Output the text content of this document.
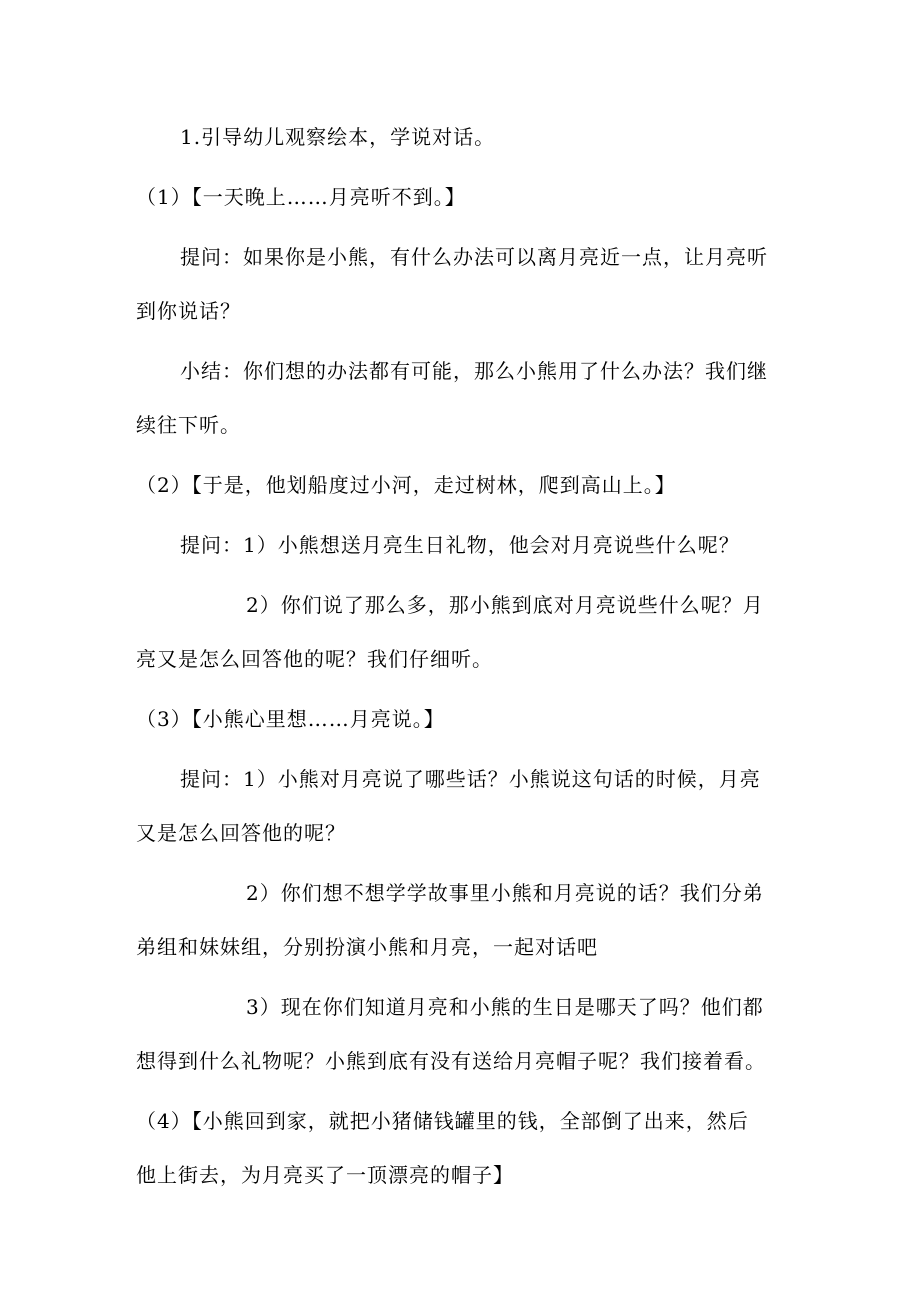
1.引导幼儿观察绘本，学说对话。
（1）【一天晚上……月亮听不到。】
提问：如果你是小熊，有什么办法可以离月亮近一点，让月亮听
到你说话？
小结：你们想的办法都有可能，那么小熊用了什么办法？我们继
续往下听。
（2）【于是，他划船度过小河，走过树林，爬到高山上。】
提问：1）小熊想送月亮生日礼物，他会对月亮说些什么呢？
2）你们说了那么多，那小熊到底对月亮说些什么呢？月
亮又是怎么回答他的呢？我们仔细听。
（3）【小熊心里想……月亮说。】
提问：1）小熊对月亮说了哪些话？小熊说这句话的时候，月亮
又是怎么回答他的呢？
2）你们想不想学学故事里小熊和月亮说的话？我们分弟
弟组和妹妹组，分别扮演小熊和月亮，一起对话吧
3）现在你们知道月亮和小熊的生日是哪天了吗？他们都
想得到什么礼物呢？小熊到底有没有送给月亮帽子呢？我们接着看。
（4）【小熊回到家，就把小猪储钱罐里的钱，全部倒了出来，然后
他上街去，为月亮买了一顶漂亮的帽子】
